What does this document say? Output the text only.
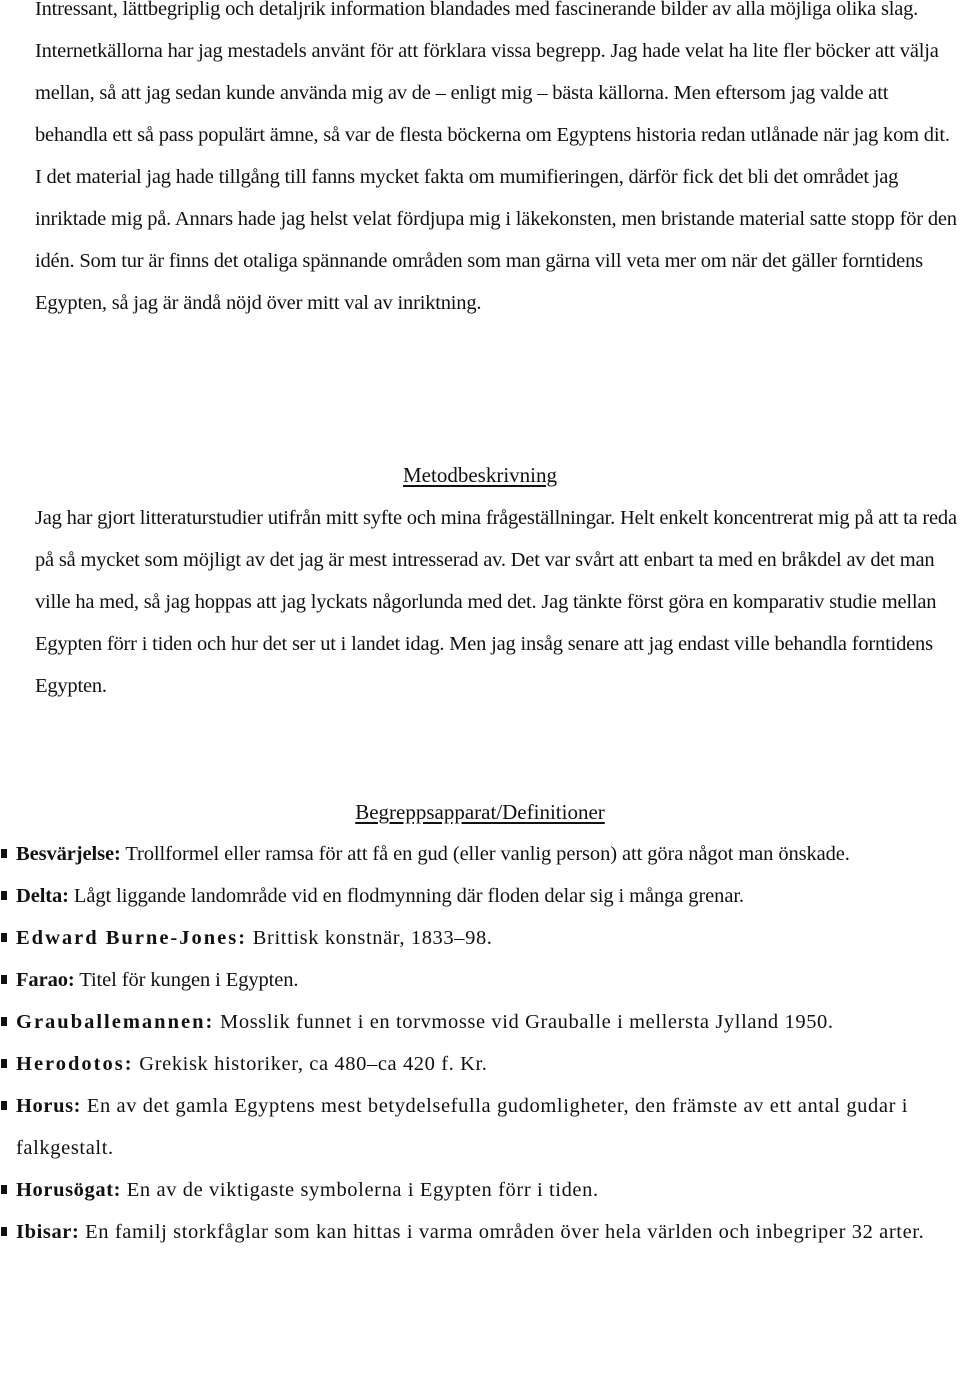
Intressant, lättbegriplig och detaljrik information blandades med fascinerande bilder av alla möjliga olika slag. Internetkällorna har jag mestadels använt för att förklara vissa begrepp. Jag hade velat ha lite fler böcker att välja mellan, så att jag sedan kunde använda mig av de – enligt mig – bästa källorna. Men eftersom jag valde att behandla ett så pass populärt ämne, så var de flesta böckerna om Egyptens historia redan utlånade när jag kom dit. I det material jag hade tillgång till fanns mycket fakta om mumifieringen, därför fick det bli det området jag inriktade mig på. Annars hade jag helst velat fördjupa mig i läkekonsten, men bristande material satte stopp för den idén. Som tur är finns det otaliga spännande områden som man gärna vill veta mer om när det gäller forntidens Egypten, så jag är ändå nöjd över mitt val av inriktning.

Metodbeskrivning

Jag har gjort litteraturstudier utifrån mitt syfte och mina frågeställningar. Helt enkelt koncentrerat mig på att ta reda på så mycket som möjligt av det jag är mest intresserad av. Det var svårt att enbart ta med en bråkdel av det man ville ha med, så jag hoppas att jag lyckats någorlunda med det. Jag tänkte först göra en komparativ studie mellan Egypten förr i tiden och hur det ser ut i landet idag. Men jag insåg senare att jag endast ville behandla forntidens Egypten.

Begreppsapparat/Definitioner
Besvärjelse: Trollformel eller ramsa för att få en gud (eller vanlig person) att göra något man önskade.
Delta: Lågt liggande landområde vid en flodmynning där floden delar sig i många grenar.
Edward Burne-Jones: Brittisk konstnär, 1833–98.
Farao: Titel för kungen i Egypten.
Grauballemannen: Mosslik funnet i en torvmosse vid Grauballe i mellersta Jylland 1950.
Herodotos: Grekisk historiker, ca 480–ca 420 f. Kr.
Horus: En av det gamla Egyptens mest betydelsefulla gudomligheter, den främste av ett antal gudar i falkgestalt.
Horusögat: En av de viktigaste symbolerna i Egypten förr i tiden.
Ibisar: En familj storkfåglar som kan hittas i varma områden över hela världen och inbegriper 32 arter.
